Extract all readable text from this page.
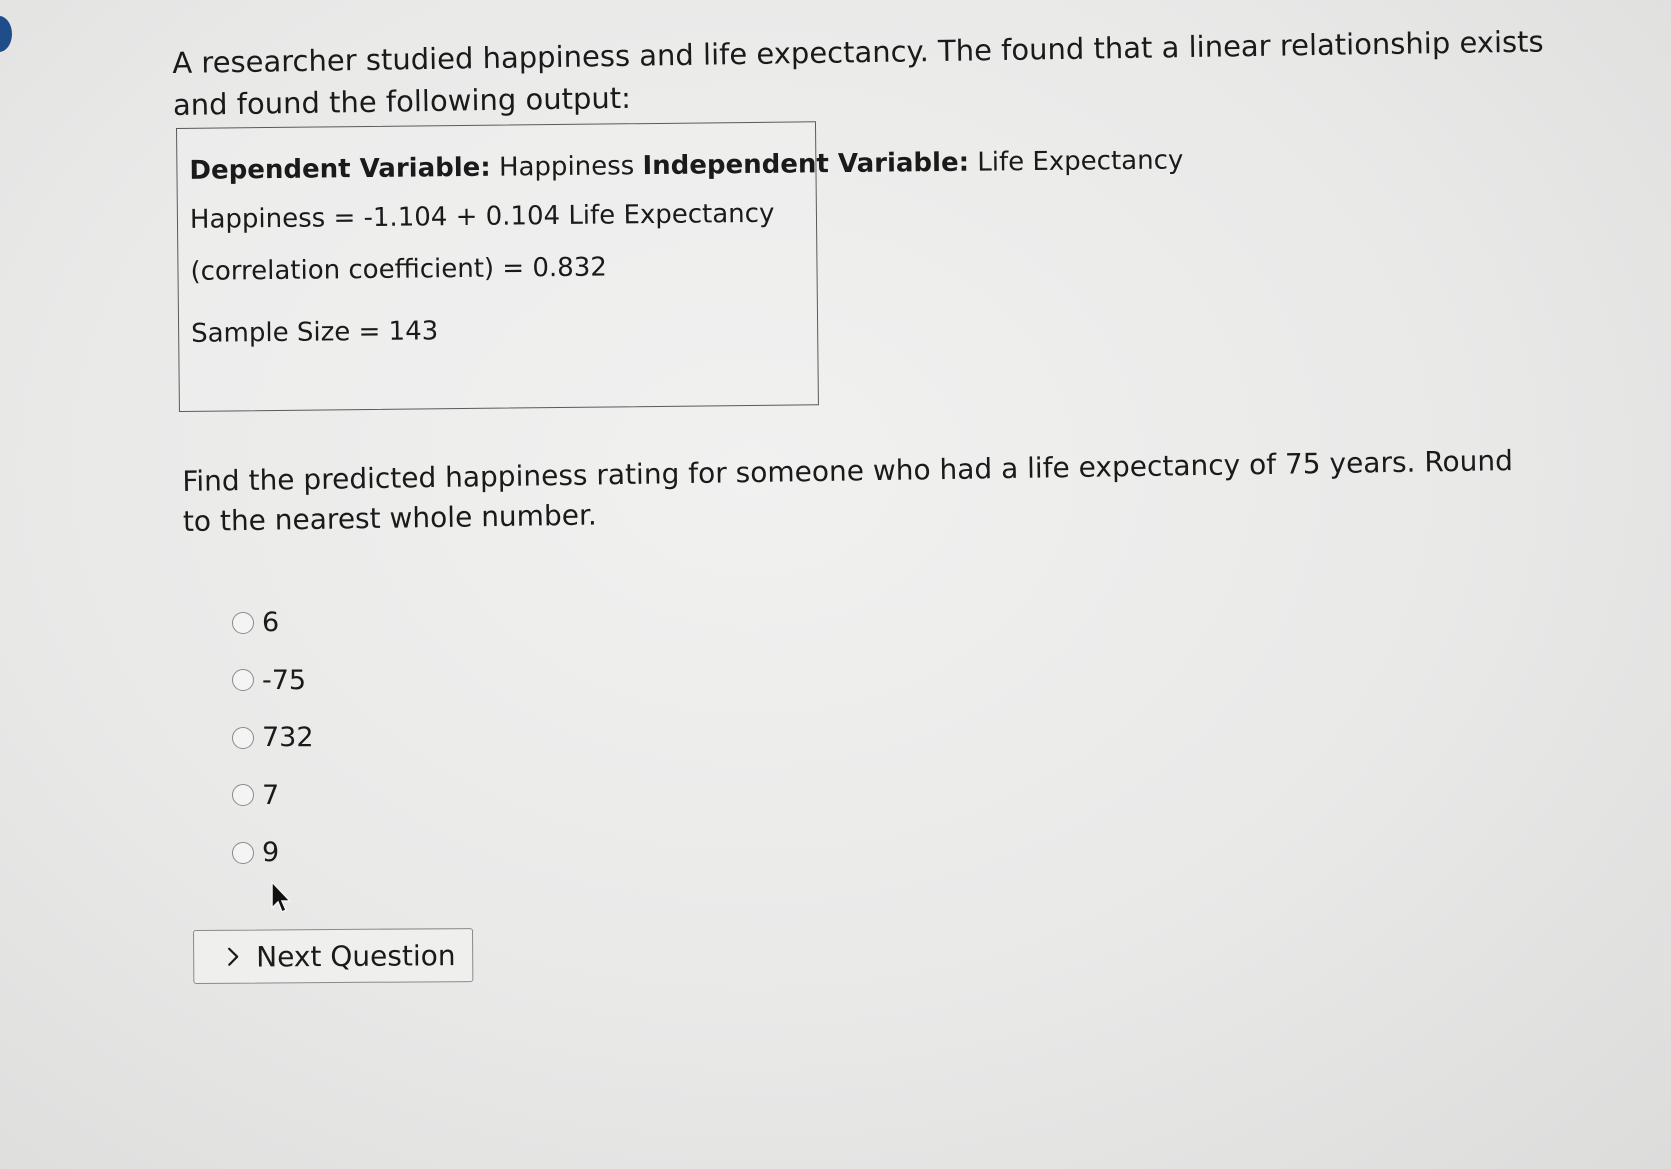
A researcher studied happiness and life expectancy. The found that a linear relationship exists and found the following output:

Dependent Variable: Happiness Independent Variable: Life Expectancy
Happiness = -1.104 + 0.104 Life Expectancy
(correlation coefficient) = 0.832
Sample Size = 143

Find the predicted happiness rating for someone who had a life expectancy of 75 years. Round to the nearest whole number.

6
-75
732
7
9
Next Question
